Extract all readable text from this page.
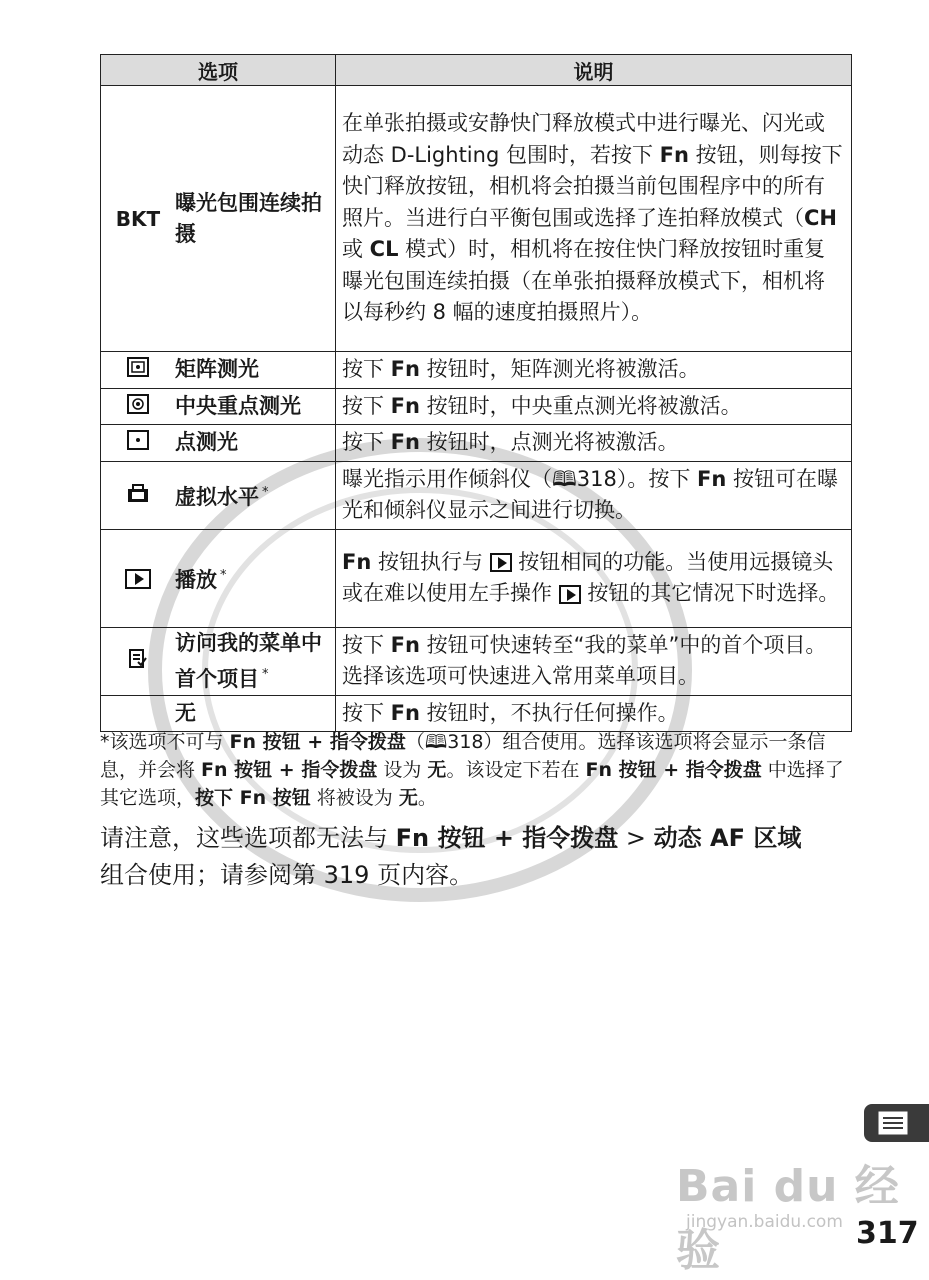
选项	说明

BKT
曝光包围连续拍摄	在单张拍摄或安静快门释放模式中进行曝光、闪光或动态 D-Lighting 包围时，若按下 Fn 按钮，则每按下快门释放按钮，相机将会拍摄当前包围程序中的所有照片。当进行白平衡包围或选择了连拍释放模式（CH 或 CL 模式）时，相机将在按住快门释放按钮时重复曝光包围连续拍摄（在单张拍摄释放模式下，相机将以每秒约 8 幅的速度拍摄照片）。

矩阵测光	按下 Fn 按钮时，矩阵测光将被激活。

中央重点测光	按下 Fn 按钮时，中央重点测光将被激活。

点测光	按下 Fn 按钮时，点测光将被激活。

虚拟水平 *	曝光指示用作倾斜仪（🕮318）。按下 Fn 按钮可在曝光和倾斜仪显示之间进行切换。

播放 *	Fn 按钮执行与
按钮相同的功能。当使用远摄镜头或在难以使用左手操作
按钮的其它情况下时选择。

访问我的菜单中首个项目 *	按下 Fn 按钮可快速转至“我的菜单”中的首个项目。选择该选项可快速进入常用菜单项目。

无	按下 Fn 按钮时，不执行任何操作。
*该选项不可与 Fn 按钮 + 指令拨盘（🕮318）组合使用。选择该选项将会显示一条信息，并会将 Fn 按钮 + 指令拨盘 设为 无。该设定下若在 Fn 按钮 + 指令拨盘 中选择了其它选项，按下 Fn 按钮 将被设为 无。
请注意，这些选项都无法与 Fn 按钮 + 指令拨盘 > 动态 AF 区域
组合使用；请参阅第 319 页内容。
Bai du 经验
jingyan.baidu.com 317
